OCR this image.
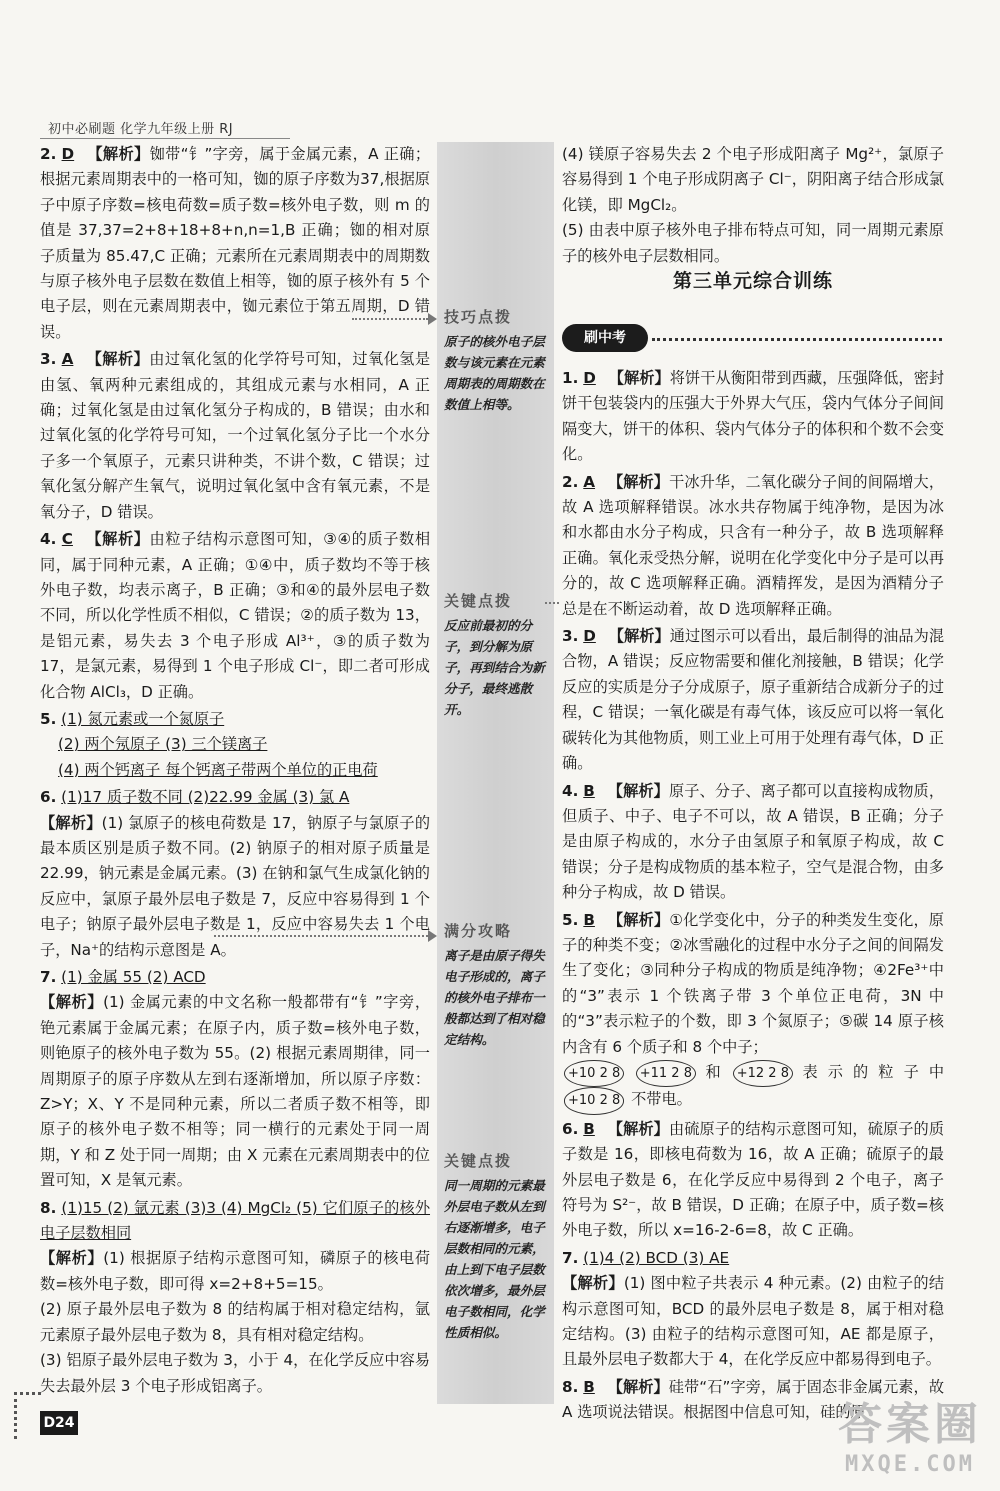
初中必刷题 化学九年级上册 RJ
2. D 【解析】铷带“钅”字旁，属于金属元素，A 正确；根据元素周期表中的一格可知，铷的原子序数为37,根据原子中原子序数=核电荷数=质子数=核外电子数，则 m 的值是 37,37=2+8+18+8+n,n=1,B 正确；铷的相对原子质量为 85.47,C 正确；元素所在元素周期表中的周期数与原子核外电子层数在数值上相等，铷的原子核外有 5 个电子层，则在元素周期表中，铷元素位于第五周期，D 错误。
3. A 【解析】由过氧化氢的化学符号可知，过氧化氢是由氢、氧两种元素组成的，其组成元素与水相同，A 正确；过氧化氢是由过氧化氢分子构成的，B 错误；由水和过氧化氢的化学符号可知，一个过氧化氢分子比一个水分子多一个氧原子，元素只讲种类，不讲个数，C 错误；过氧化氢分解产生氧气，说明过氧化氢中含有氧元素，不是氧分子，D 错误。
4. C 【解析】由粒子结构示意图可知，③④的质子数相同，属于同种元素，A 正确；①④中，质子数均不等于核外电子数，均表示离子，B 正确；③和④的最外层电子数不同，所以化学性质不相似，C 错误；②的质子数为 13，是铝元素，易失去 3 个电子形成 Al³⁺，③的质子数为 17，是氯元素，易得到 1 个电子形成 Cl⁻，即二者可形成化合物 AlCl₃，D 正确。
5. (1) 氮元素或一个氮原子
(2) 两个氖原子 (3) 三个镁离子
(4) 两个钙离子 每个钙离子带两个单位的正电荷
6. (1)17 质子数不同 (2)22.99 金属 (3) 氯 A
【解析】(1) 氯原子的核电荷数是 17，钠原子与氯原子的最本质区别是质子数不同。(2) 钠原子的相对原子质量是 22.99，钠元素是金属元素。(3) 在钠和氯气生成氯化钠的反应中，氯原子最外层电子数是 7，反应中容易得到 1 个电子；钠原子最外层电子数是 1，反应中容易失去 1 个电子，Na⁺的结构示意图是 A。
7. (1) 金属 55 (2) ACD
【解析】(1) 金属元素的中文名称一般都带有“钅”字旁，铯元素属于金属元素；在原子内，质子数=核外电子数，则铯原子的核外电子数为 55。(2) 根据元素周期律，同一周期原子的原子序数从左到右逐渐增加，所以原子序数：Z>Y；X、Y 不是同种元素，所以二者质子数不相等，即原子的核外电子数不相等；同一横行的元素处于同一周期，Y 和 Z 处于同一周期；由 X 元素在元素周期表中的位置可知，X 是氧元素。
8. (1)15 (2) 氩元素 (3)3 (4) MgCl₂ (5) 它们原子的核外电子层数相同
【解析】(1) 根据原子结构示意图可知，磷原子的核电荷数=核外电子数，即可得 x=2+8+5=15。
(2) 原子最外层电子数为 8 的结构属于相对稳定结构，氩元素原子最外层电子数为 8，具有相对稳定结构。
(3) 铝原子最外层电子数为 3，小于 4，在化学反应中容易失去最外层 3 个电子形成铝离子。
技巧点拨
原子的核外电子层数与该元素在元素周期表的周期数在数值上相等。
关键点拨
反应前最初的分子，到分解为原子，再到结合为新分子，最终逃散开。
满分攻略
离子是由原子得失电子形成的，离子的核外电子排布一般都达到了相对稳定结构。
关键点拨
同一周期的元素最外层电子数从左到右逐渐增多，电子层数相同的元素，由上到下电子层数依次增多，最外层电子数相同，化学性质相似。
(4) 镁原子容易失去 2 个电子形成阳离子 Mg²⁺，氯原子容易得到 1 个电子形成阴离子 Cl⁻，阴阳离子结合形成氯化镁，即 MgCl₂。
(5) 由表中原子核外电子排布特点可知，同一周期元素原子的核外电子层数相同。
第三单元综合训练
刷中考
1. D 【解析】将饼干从衡阳带到西藏，压强降低，密封饼干包装袋内的压强大于外界大气压，袋内气体分子间间隔变大，饼干的体积、袋内气体分子的体积和个数不会变化。
2. A 【解析】干冰升华，二氧化碳分子间的间隔增大，故 A 选项解释错误。冰水共存物属于纯净物，是因为冰和水都由水分子构成，只含有一种分子，故 B 选项解释正确。氧化汞受热分解，说明在化学变化中分子是可以再分的，故 C 选项解释正确。酒精挥发，是因为酒精分子总是在不断运动着，故 D 选项解释正确。
3. D 【解析】通过图示可以看出，最后制得的油品为混合物，A 错误；反应物需要和催化剂接触，B 错误；化学反应的实质是分子分成原子，原子重新结合成新分子的过程，C 错误；一氧化碳是有毒气体，该反应可以将一氧化碳转化为其他物质，则工业上可用于处理有毒气体，D 正确。
4. B 【解析】原子、分子、离子都可以直接构成物质，但质子、中子、电子不可以，故 A 错误，B 正确；分子是由原子构成的，水分子由氢原子和氧原子构成，故 C 错误；分子是构成物质的基本粒子，空气是混合物，由多种分子构成，故 D 错误。
5. B 【解析】①化学变化中，分子的种类发生变化，原子的种类不变；②冰雪融化的过程中水分子之间的间隔发生了变化；③同种分子构成的物质是纯净物；④2Fe³⁺中的“3”表示 1 个铁离子带 3 个单位正电荷，3N 中的“3”表示粒子的个数，即 3 个氮原子；⑤碳 14 原子核内含有 6 个质子和 8 个中子；
+10 2 8 +11 2 8 和 +12 2 8 表 示 的 粒 子 中 +10 2 8 不带电。
6. B 【解析】由硫原子的结构示意图可知，硫原子的质子数是 16，即核电荷数为 16，故 A 正确；硫原子的最外层电子数是 6，在化学反应中易得到 2 个电子，离子符号为 S²⁻，故 B 错误，D 正确；在原子中，质子数=核外电子数，所以 x=16-2-6=8，故 C 正确。
7. (1)4 (2) BCD (3) AE
【解析】(1) 图中粒子共表示 4 种元素。(2) 由粒子的结构示意图可知，BCD 的最外层电子数是 8，属于相对稳定结构。(3) 由粒子的结构示意图可知，AE 都是原子，且最外层电子数都大于 4，在化学反应中都易得到电子。
8. B 【解析】硅带“石”字旁，属于固态非金属元素，故 A 选项说法错误。根据图中信息可知，硅的原
D24	答案圈
MXQE.COM
